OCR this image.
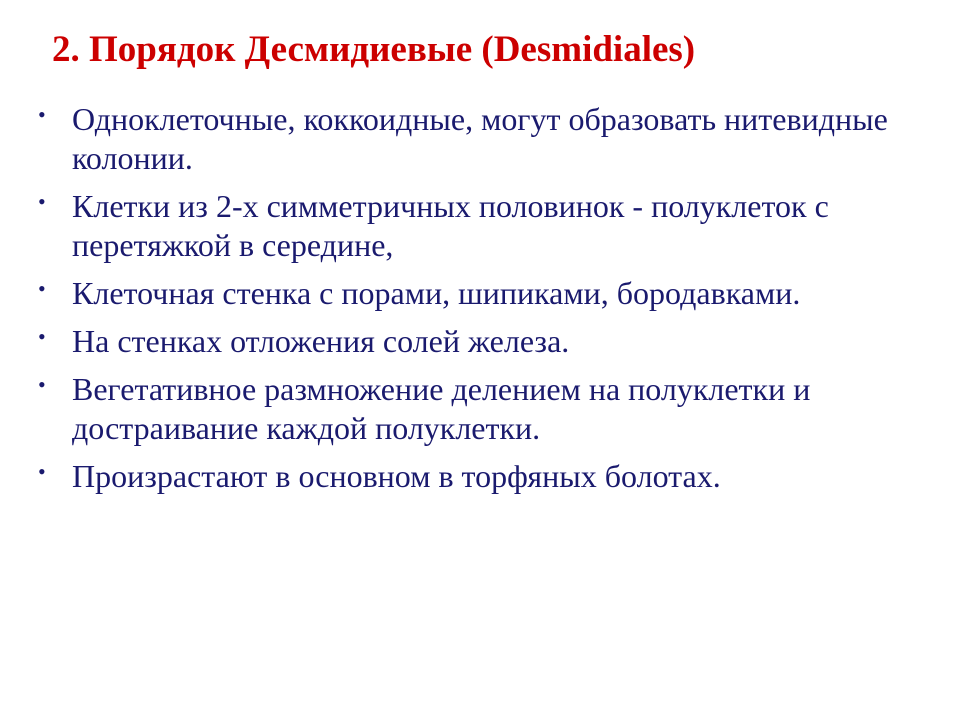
2. Порядок Десмидиевые (Desmidiales)
• Одноклеточные, коккоидные, могут образовать нитевидные колонии.
• Клетки из 2-х симметричных половинок - полуклеток с перетяжкой в середине,
• Клеточная стенка с порами, шипиками, бородавками.
• На стенках отложения солей железа.
• Вегетативное размножение делением на полуклетки и достраивание каждой полуклетки.
• Произрастают в основном в торфяных болотах.
